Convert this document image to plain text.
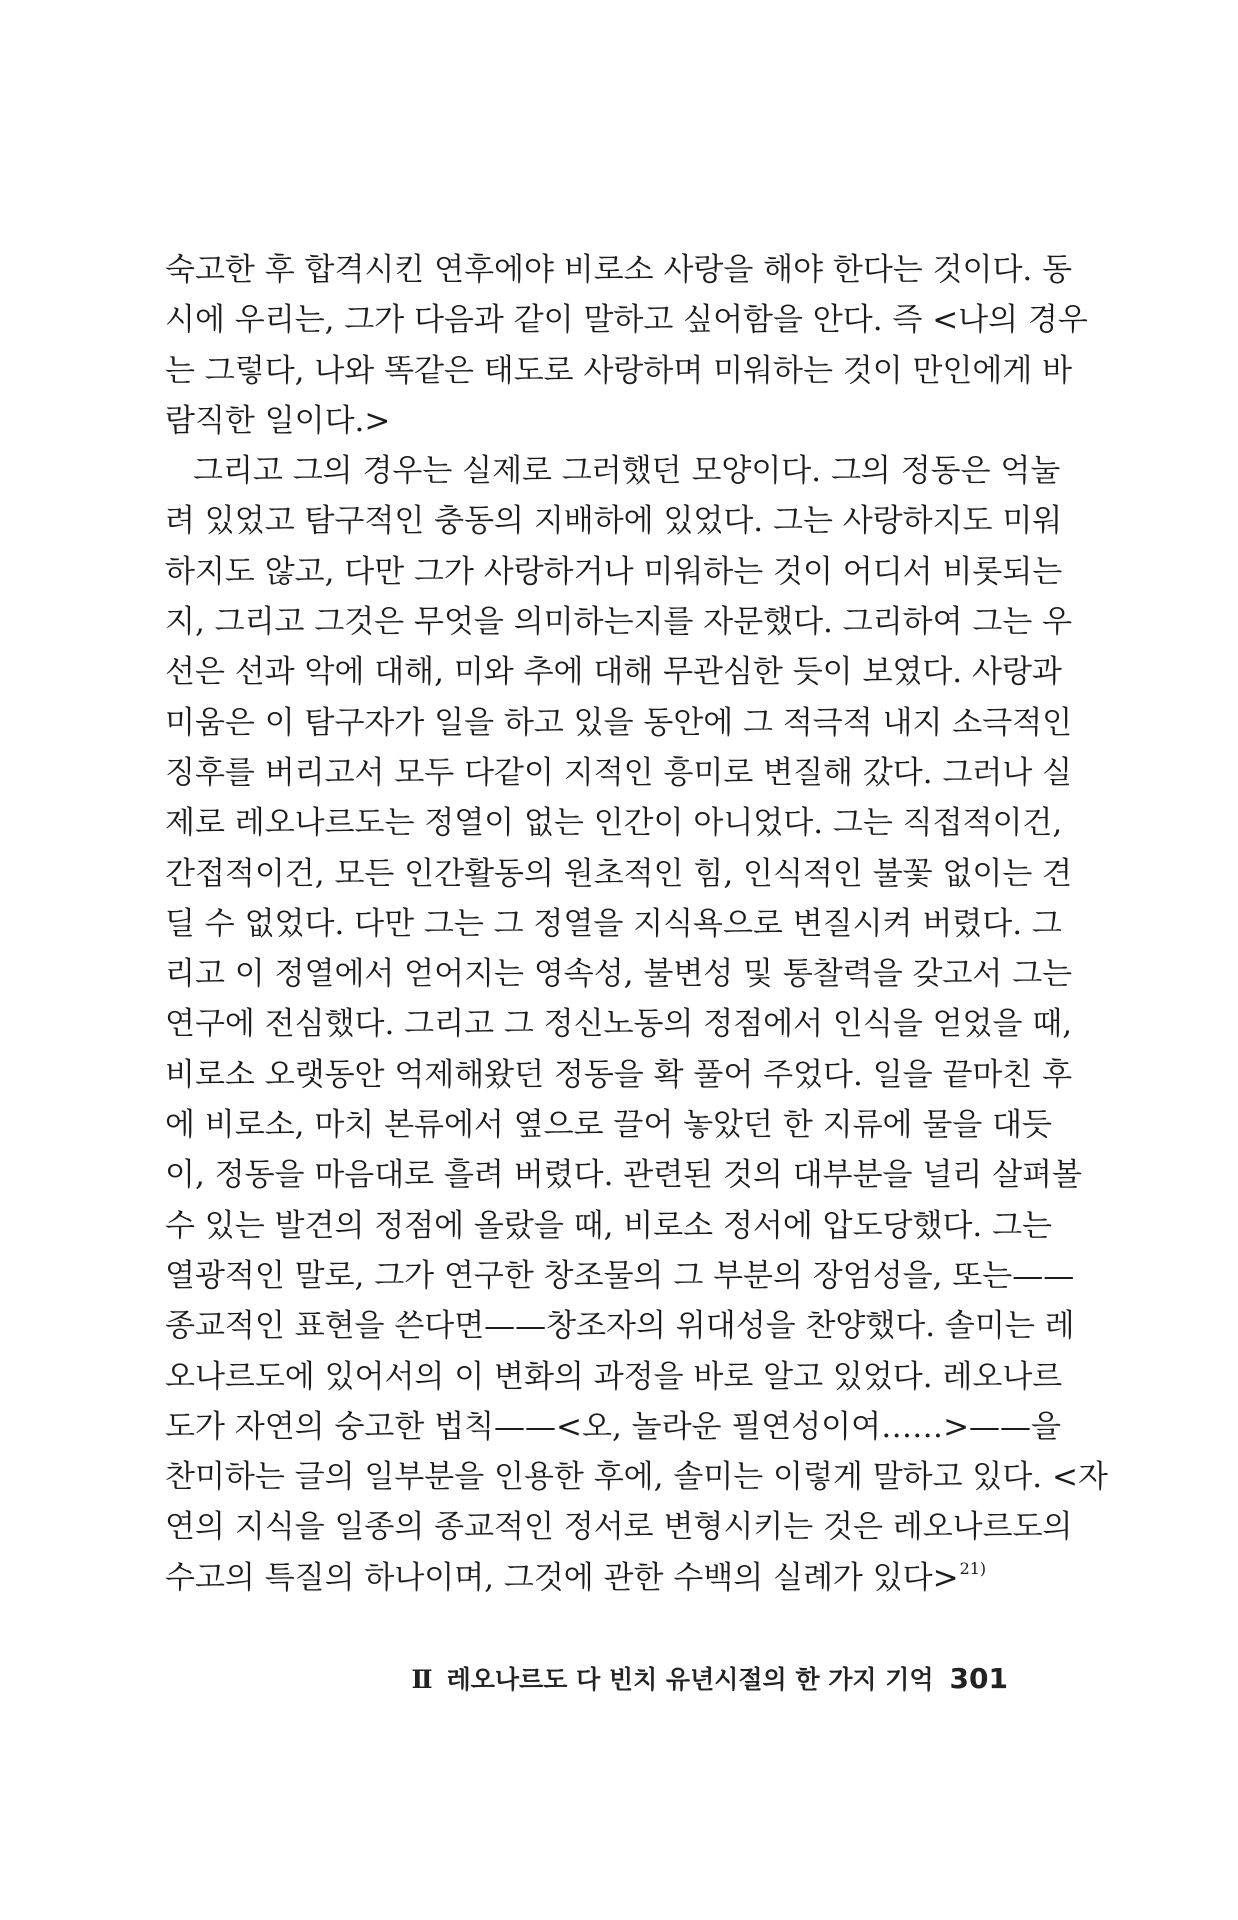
숙고한 후 합격시킨 연후에야 비로소 사랑을 해야 한다는 것이다. 동
시에 우리는, 그가 다음과 같이 말하고 싶어함을 안다. 즉 <나의 경우
는 그렇다, 나와 똑같은 태도로 사랑하며 미워하는 것이 만인에게 바
람직한 일이다.>

그리고 그의 경우는 실제로 그러했던 모양이다. 그의 정동은 억눌
려 있었고 탐구적인 충동의 지배하에 있었다. 그는 사랑하지도 미워
하지도 않고, 다만 그가 사랑하거나 미워하는 것이 어디서 비롯되는
지, 그리고 그것은 무엇을 의미하는지를 자문했다. 그리하여 그는 우
선은 선과 악에 대해, 미와 추에 대해 무관심한 듯이 보였다. 사랑과
미움은 이 탐구자가 일을 하고 있을 동안에 그 적극적 내지 소극적인
징후를 버리고서 모두 다같이 지적인 흥미로 변질해 갔다. 그러나 실
제로 레오나르도는 정열이 없는 인간이 아니었다. 그는 직접적이건,
간접적이건, 모든 인간활동의 원초적인 힘, 인식적인 불꽃 없이는 견
딜 수 없었다. 다만 그는 그 정열을 지식욕으로 변질시켜 버렸다. 그
리고 이 정열에서 얻어지는 영속성, 불변성 및 통찰력을 갖고서 그는
연구에 전심했다. 그리고 그 정신노동의 정점에서 인식을 얻었을 때,
비로소 오랫동안 억제해왔던 정동을 확 풀어 주었다. 일을 끝마친 후
에 비로소, 마치 본류에서 옆으로 끌어 놓았던 한 지류에 물을 대듯
이, 정동을 마음대로 흘려 버렸다. 관련된 것의 대부분을 널리 살펴볼
수 있는 발견의 정점에 올랐을 때, 비로소 정서에 압도당했다. 그는
열광적인 말로, 그가 연구한 창조물의 그 부분의 장엄성을, 또는——
종교적인 표현을 쓴다면——창조자의 위대성을 찬양했다. 솔미는 레
오나르도에 있어서의 이 변화의 과정을 바로 알고 있었다. 레오나르
도가 자연의 숭고한 법칙——<오, 놀라운 필연성이여……>——을
찬미하는 글의 일부분을 인용한 후에, 솔미는 이렇게 말하고 있다. <자
연의 지식을 일종의 종교적인 정서로 변형시키는 것은 레오나르도의
수고의 특질의 하나이며, 그것에 관한 수백의 실례가 있다>$^{21)}$

Ⅱ 레오나르도 다 빈치 유년시절의 한 가지 기억 301
